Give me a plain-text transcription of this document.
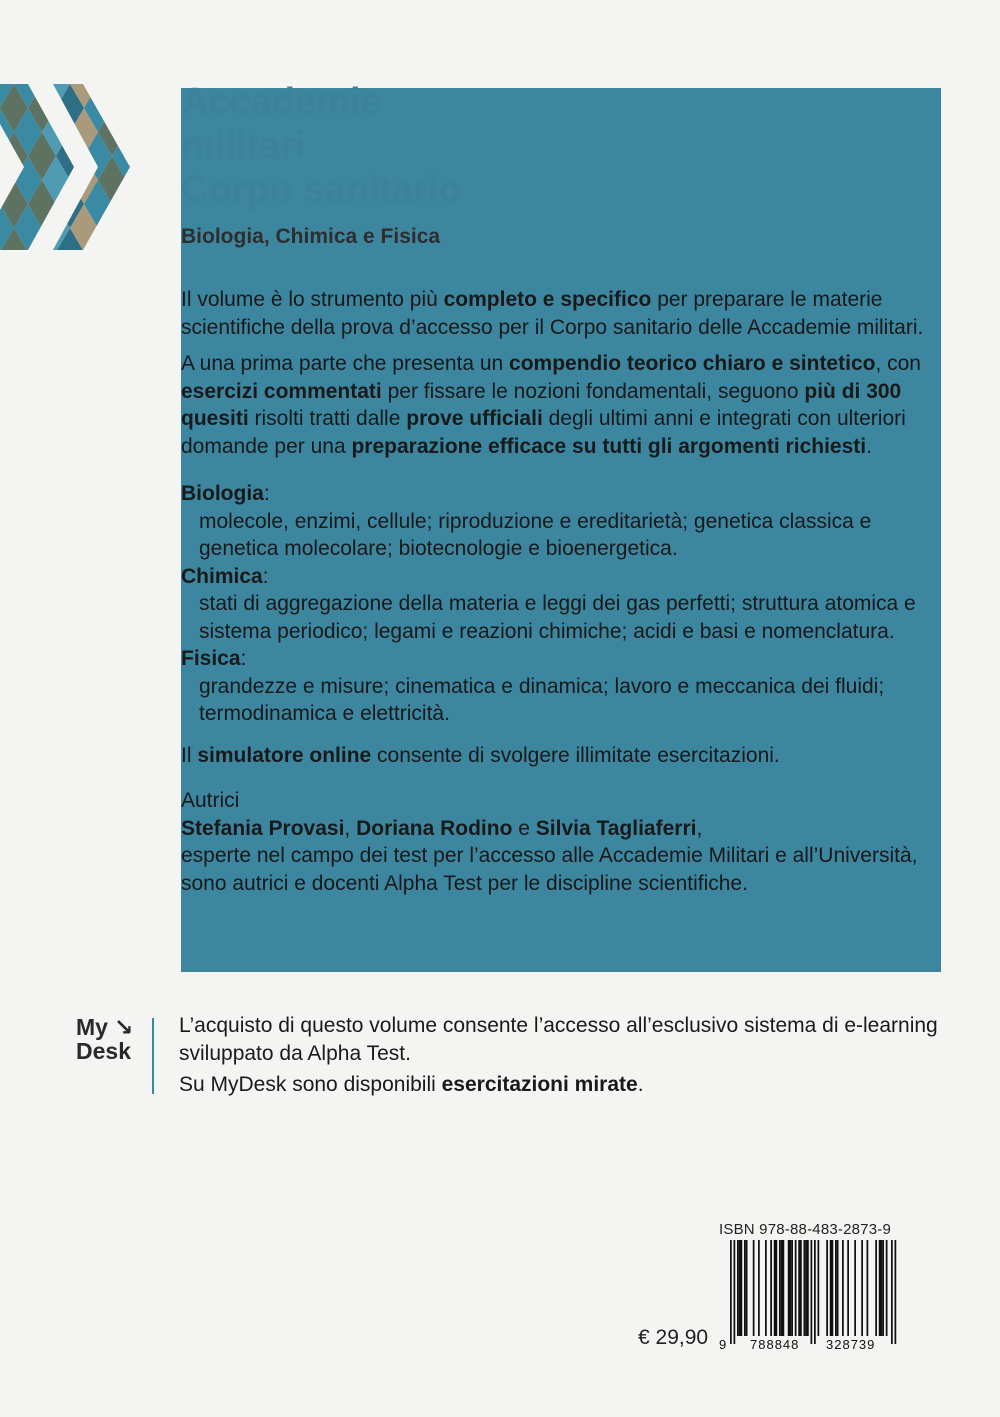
Accademie
militari
Corpo sanitario

Biologia, Chimica e Fisica

Il volume è lo strumento più completo e specifico per preparare le materie scientifiche della prova d’accesso per il Corpo sanitario delle Accademie militari.

A una prima parte che presenta un compendio teorico chiaro e sintetico, con esercizi commentati per fissare le nozioni fondamentali, seguono più di 300 quesiti risolti tratti dalle prove ufficiali degli ultimi anni e integrati con ulteriori domande per una preparazione efficace su tutti gli argomenti richiesti.

Biologia:
molecole, enzimi, cellule; riproduzione e ereditarietà; genetica classica e genetica molecolare; biotecnologie e bioenergetica.
Chimica:
stati di aggregazione della materia e leggi dei gas perfetti; struttura atomica e sistema periodico; legami e reazioni chimiche; acidi e basi e nomenclatura.
Fisica:
grandezze e misure; cinematica e dinamica; lavoro e meccanica dei fluidi; termodinamica e elettricità.

Il simulatore online consente di svolgere illimitate esercitazioni.

Autrici
Stefania Provasi, Doriana Rodino e Silvia Tagliaferri,
esperte nel campo dei test per l’accesso alle Accademie Militari e all’Università, sono autrici e docenti Alpha Test per le discipline scientifiche.
My ↘
Desk

L’acquisto di questo volume consente l’accesso all’esclusivo sistema di e-learning sviluppato da Alpha Test.

Su MyDesk sono disponibili esercitazioni mirate.

ISBN 978-88-483-2873-9
9 788848 328739
€ 29,90
